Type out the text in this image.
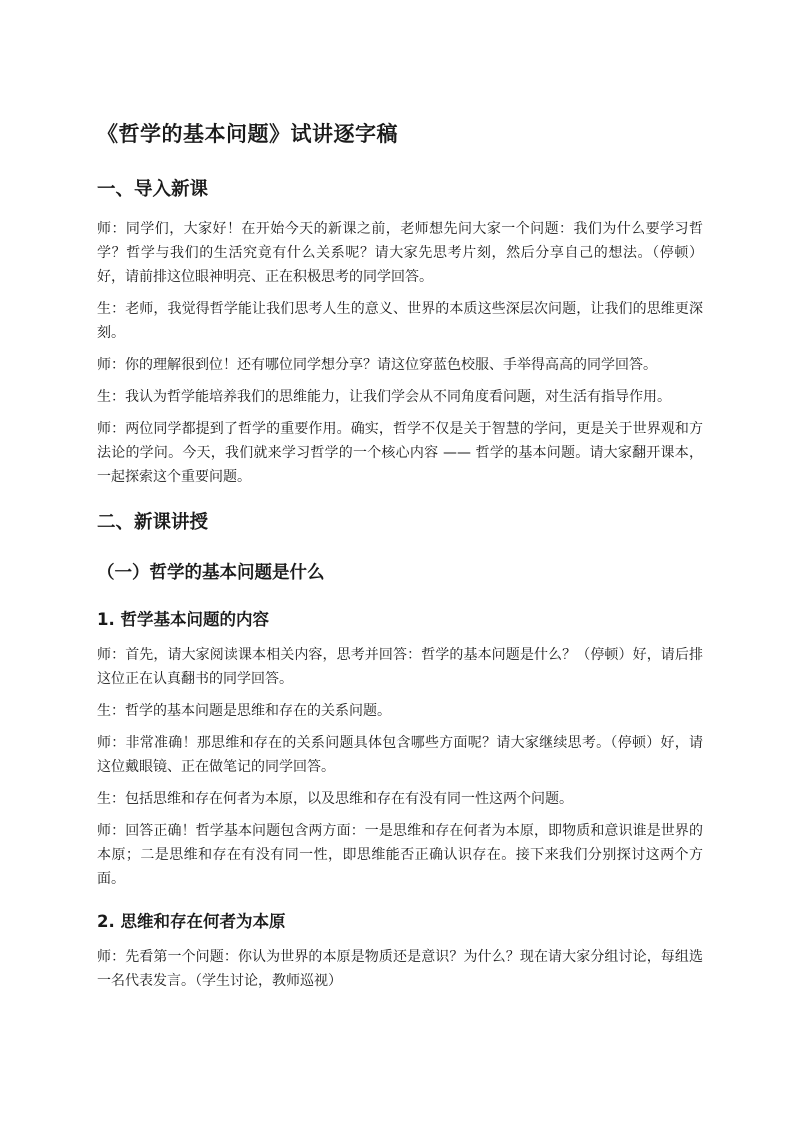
《哲学的基本问题》试讲逐字稿
一、导入新课

师：同学们，大家好！在开始今天的新课之前，老师想先问大家一个问题：我们为什么要学习哲学？哲学与我们的生活究竟有什么关系呢？请大家先思考片刻，然后分享自己的想法。（停顿）好，请前排这位眼神明亮、正在积极思考的同学回答。

生：老师，我觉得哲学能让我们思考人生的意义、世界的本质这些深层次问题，让我们的思维更深刻。

师：你的理解很到位！还有哪位同学想分享？请这位穿蓝色校服、手举得高高的同学回答。

生：我认为哲学能培养我们的思维能力，让我们学会从不同角度看问题，对生活有指导作用。

师：两位同学都提到了哲学的重要作用。确实，哲学不仅是关于智慧的学问，更是关于世界观和方法论的学问。今天，我们就来学习哲学的一个核心内容 —— 哲学的基本问题。请大家翻开课本，一起探索这个重要问题。

二、新课讲授
（一）哲学的基本问题是什么
1. 哲学基本问题的内容

师：首先，请大家阅读课本相关内容，思考并回答：哲学的基本问题是什么？（停顿）好，请后排这位正在认真翻书的同学回答。

生：哲学的基本问题是思维和存在的关系问题。

师：非常准确！那思维和存在的关系问题具体包含哪些方面呢？请大家继续思考。（停顿）好，请这位戴眼镜、正在做笔记的同学回答。

生：包括思维和存在何者为本原，以及思维和存在有没有同一性这两个问题。

师：回答正确！哲学基本问题包含两方面：一是思维和存在何者为本原，即物质和意识谁是世界的本原；二是思维和存在有没有同一性，即思维能否正确认识存在。接下来我们分别探讨这两个方面。

2. 思维和存在何者为本原

师：先看第一个问题：你认为世界的本原是物质还是意识？为什么？现在请大家分组讨论，每组选一名代表发言。（学生讨论，教师巡视）
